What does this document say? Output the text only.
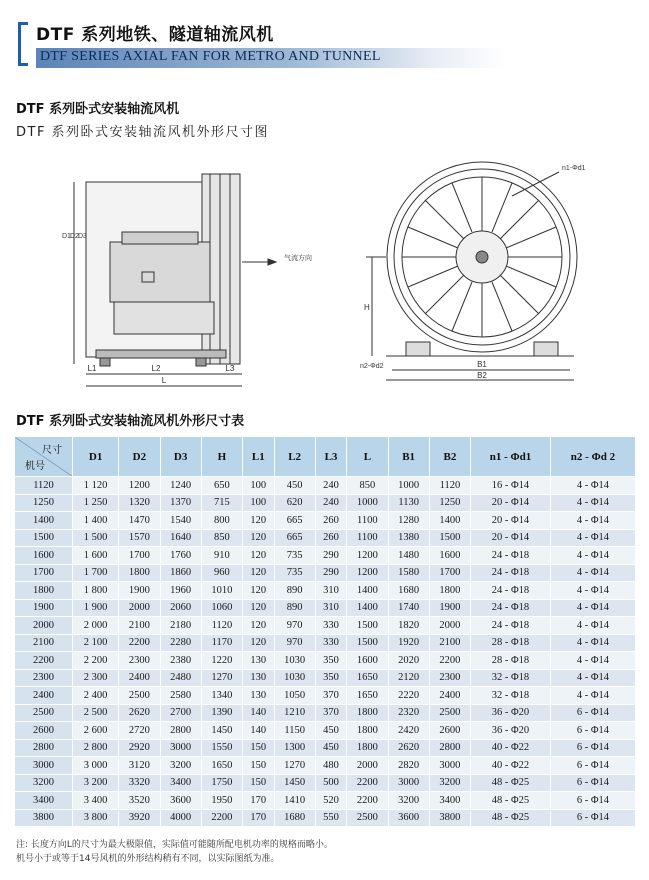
DTF 系列地铁、隧道轴流风机
DTF SERIES AXIAL FAN FOR METRO AND TUNNEL
DTF 系列卧式安装轴流风机
DTF 系列卧式安装轴流风机外形尺寸图
L2	L3
L
L1
气流方向
D1 D2 D3
n1-Φd1
n2-Φd2	B1
B2
H
DTF 系列卧式安装轴流风机外形尺寸表
尺寸
机号	D1	D2	D3	H	L1	L2	L3	L	B1	B2	n1 - Φd1	n2 - Φd 2
1120	1 120	1200	1240	650	100	450	240	850	1000	1120	16 - Φ14	4 - Φ14
1250	1 250	1320	1370	715	100	620	240	1000	1130	1250	20 - Φ14	4 - Φ14
1400	1 400	1470	1540	800	120	665	260	1100	1280	1400	20 - Φ14	4 - Φ14
1500	1 500	1570	1640	850	120	665	260	1100	1380	1500	20 - Φ14	4 - Φ14
1600	1 600	1700	1760	910	120	735	290	1200	1480	1600	24 - Φ18	4 - Φ14
1700	1 700	1800	1860	960	120	735	290	1200	1580	1700	24 - Φ18	4 - Φ14
1800	1 800	1900	1960	1010	120	890	310	1400	1680	1800	24 - Φ18	4 - Φ14
1900	1 900	2000	2060	1060	120	890	310	1400	1740	1900	24 - Φ18	4 - Φ14
2000	2 000	2100	2180	1120	120	970	330	1500	1820	2000	24 - Φ18	4 - Φ14
2100	2 100	2200	2280	1170	120	970	330	1500	1920	2100	28 - Φ18	4 - Φ14
2200	2 200	2300	2380	1220	130	1030	350	1600	2020	2200	28 - Φ18	4 - Φ14
2300	2 300	2400	2480	1270	130	1030	350	1650	2120	2300	32 - Φ18	4 - Φ14
2400	2 400	2500	2580	1340	130	1050	370	1650	2220	2400	32 - Φ18	4 - Φ14
2500	2 500	2620	2700	1390	140	1210	370	1800	2320	2500	36 - Φ20	6 - Φ14
2600	2 600	2720	2800	1450	140	1150	450	1800	2420	2600	36 - Φ20	6 - Φ14
2800	2 800	2920	3000	1550	150	1300	450	1800	2620	2800	40 - Φ22	6 - Φ14
3000	3 000	3120	3200	1650	150	1270	480	2000	2820	3000	40 - Φ22	6 - Φ14
3200	3 200	3320	3400	1750	150	1450	500	2200	3000	3200	48 - Φ25	6 - Φ14
3400	3 400	3520	3600	1950	170	1410	520	2200	3200	3400	48 - Φ25	6 - Φ14
3800	3 800	3920	4000	2200	170	1680	550	2500	3600	3800	48 - Φ25	6 - Φ14
注: 长度方向L的尺寸为最大极限值，实际值可能随所配电机功率的规格而略小。
机号小于或等于14号风机的外形结构稍有不同，以实际图纸为准。
